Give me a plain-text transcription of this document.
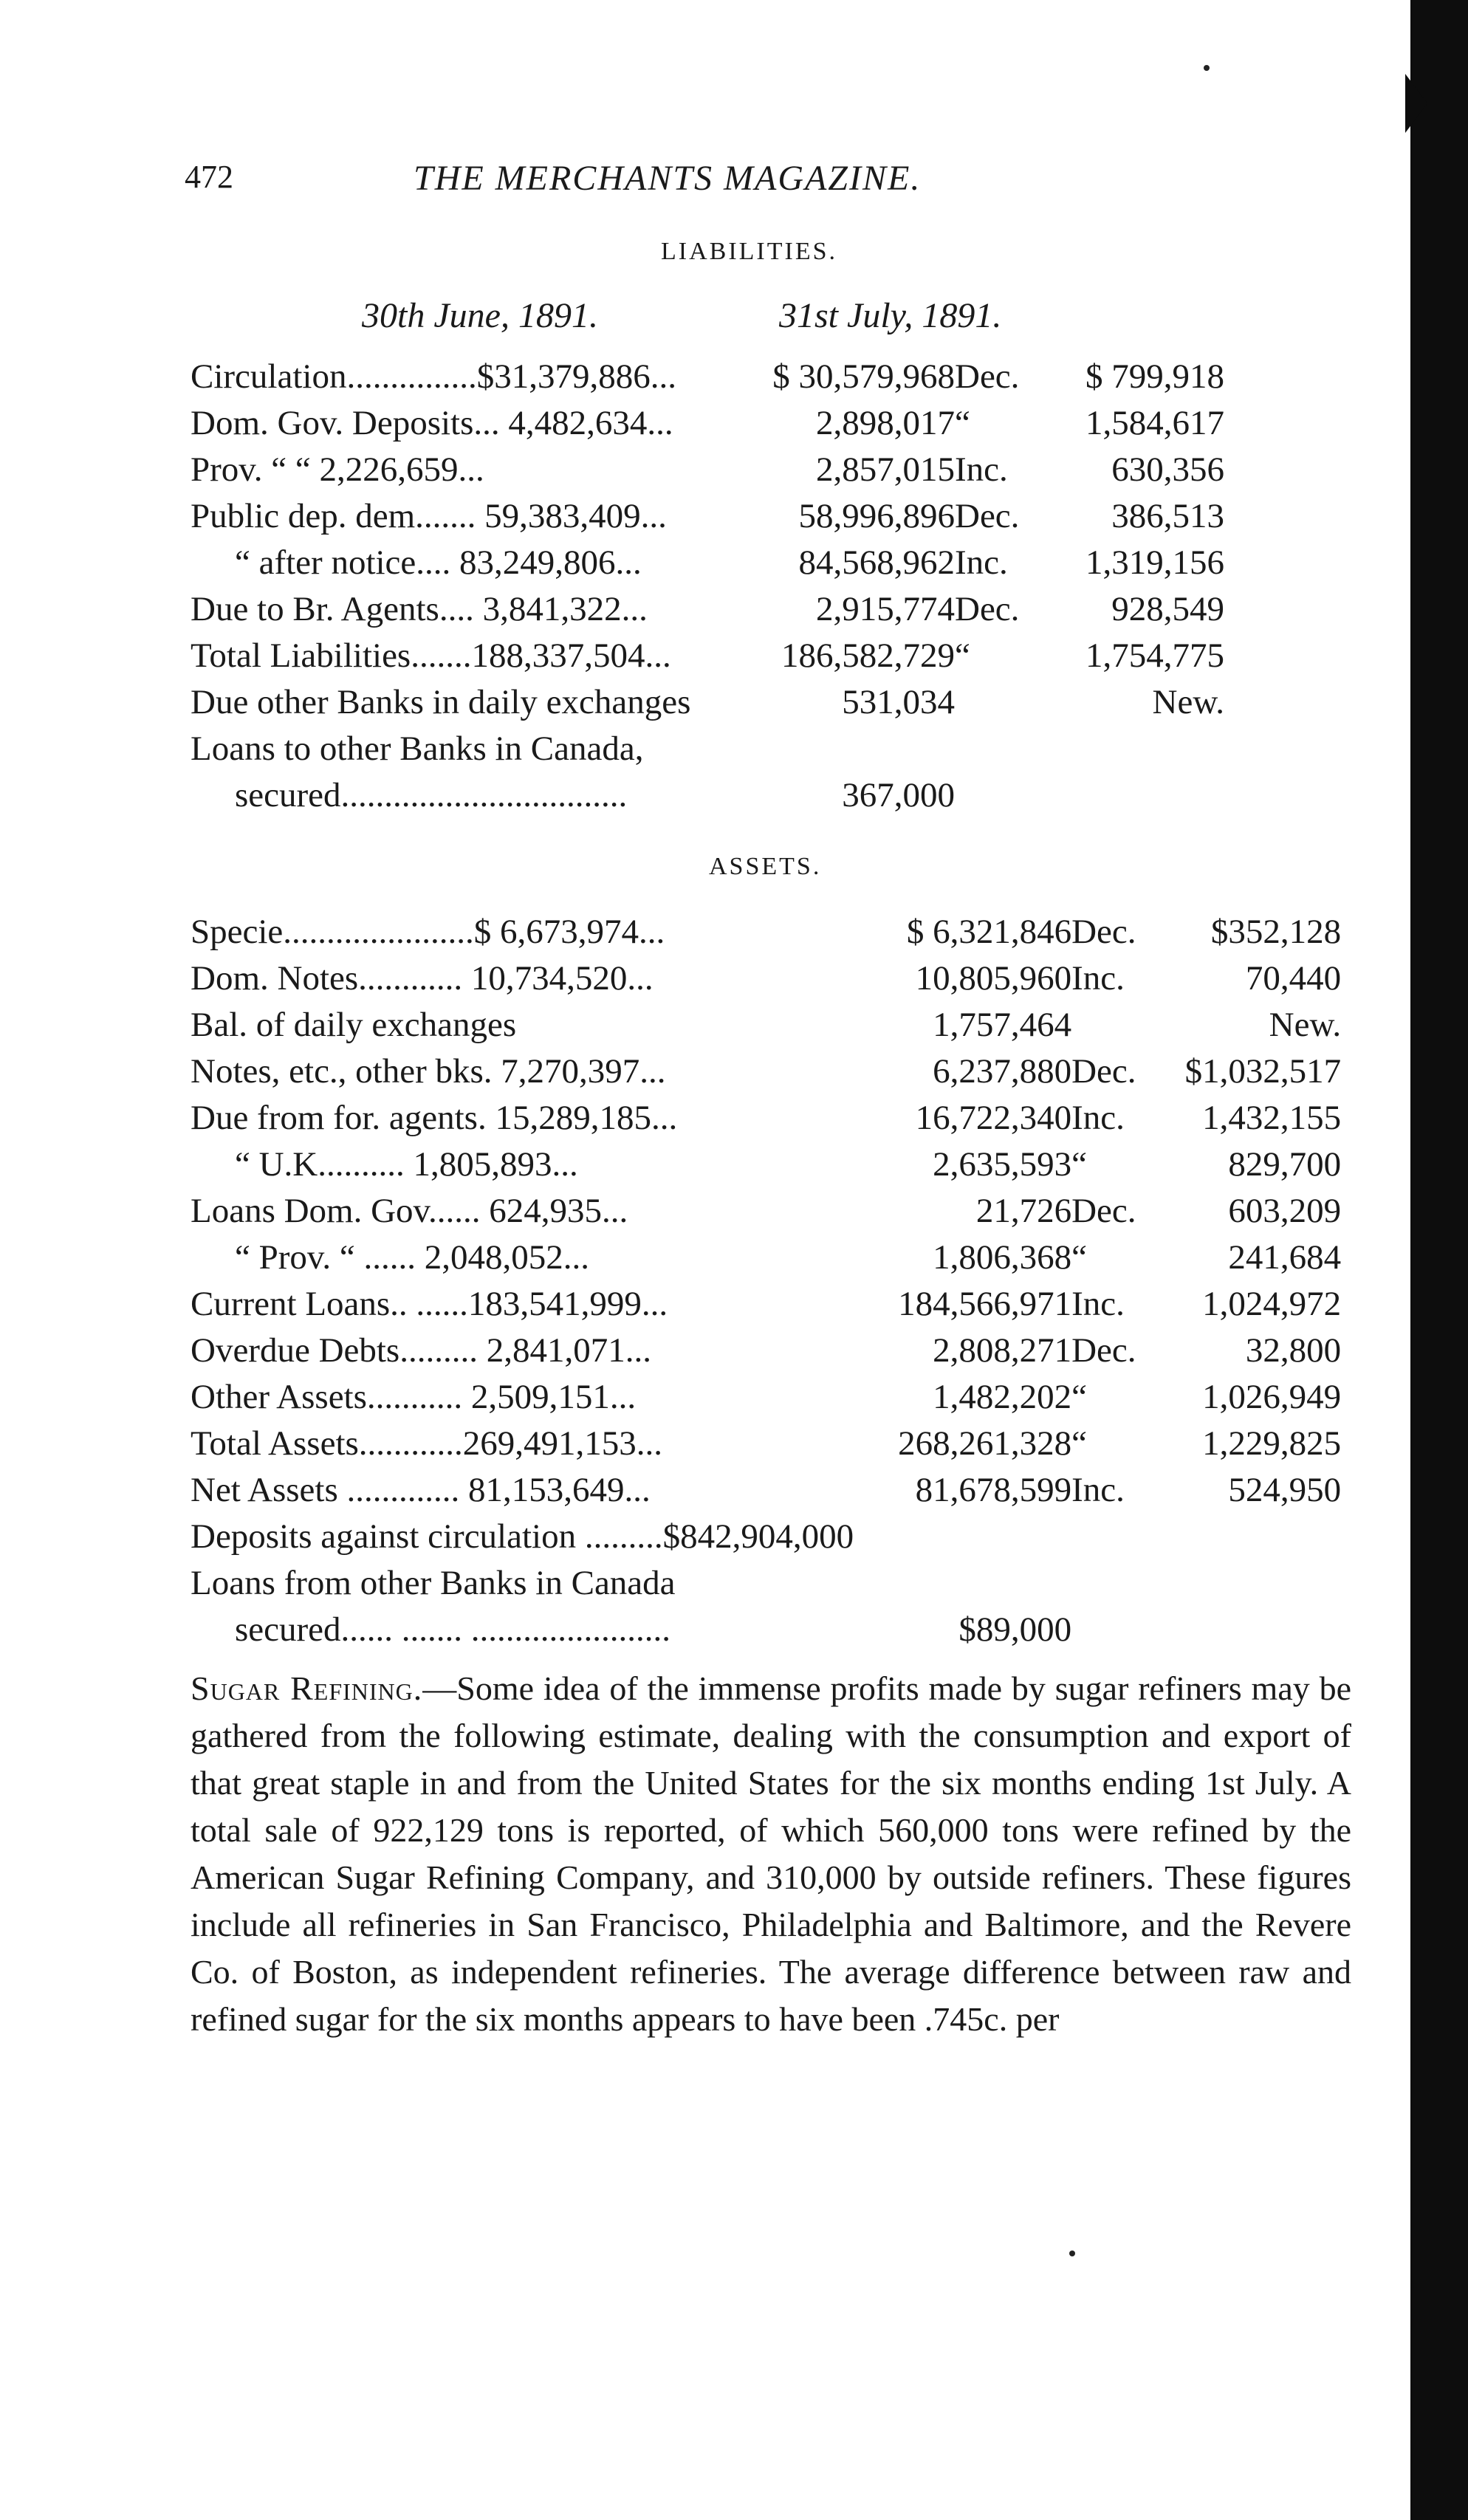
472	THE MERCHANTS MAGAZINE.
LIABILITIES.
30th June, 1891.	31st July, 1891.
Circulation...............$31,379,886...	$ 30,579,968	Dec.	$ 799,918
Dom. Gov. Deposits... 4,482,634...	2,898,017	“	1,584,617
Prov. “ “ 2,226,659...	2,857,015	Inc.	630,356
Public dep. dem....... 59,383,409...	58,996,896	Dec.	386,513
“ after notice.... 83,249,806...	84,568,962	Inc.	1,319,156
Due to Br. Agents.... 3,841,322...	2,915,774	Dec.	928,549
Total Liabilities.......188,337,504...	186,582,729	“	1,754,775
Due other Banks in daily exchanges	531,034		New.
Loans to other Banks in Canada,			
secured.................................	367,000		
ASSETS.
Specie......................$ 6,673,974...	$ 6,321,846	Dec.	$352,128
Dom. Notes............ 10,734,520...	10,805,960	Inc.	70,440
Bal. of daily exchanges	1,757,464		New.
Notes, etc., other bks. 7,270,397...	6,237,880	Dec.	$1,032,517
Due from for. agents. 15,289,185...	16,722,340	Inc.	1,432,155
“ U.K.......... 1,805,893...	2,635,593	“	829,700
Loans Dom. Gov...... 624,935...	21,726	Dec.	603,209
“ Prov. “ ...... 2,048,052...	1,806,368	“	241,684
Current Loans.. ......183,541,999...	184,566,971	Inc.	1,024,972
Overdue Debts......... 2,841,071...	2,808,271	Dec.	32,800
Other Assets........... 2,509,151...	1,482,202	“	1,026,949
Total Assets............269,491,153...	268,261,328	“	1,229,825
Net Assets ............. 81,153,649...	81,678,599	Inc.	524,950
Deposits against circulation .........$842,904,000			
Loans from other Banks in Canada			
secured...... ....... .......................	$89,000		
Sugar Refining.—Some idea of the immense profits made by sugar refiners may be gathered from the following estimate, dealing with the consumption and export of that great staple in and from the United States for the six months ending 1st July. A total sale of 922,129 tons is reported, of which 560,000 tons were refined by the American Sugar Refining Company, and 310,000 by outside refiners. These figures include all refineries in San Francisco, Philadelphia and Baltimore, and the Revere Co. of Boston, as independent refineries. The average difference between raw and refined sugar for the six months appears to have been .745c. per
